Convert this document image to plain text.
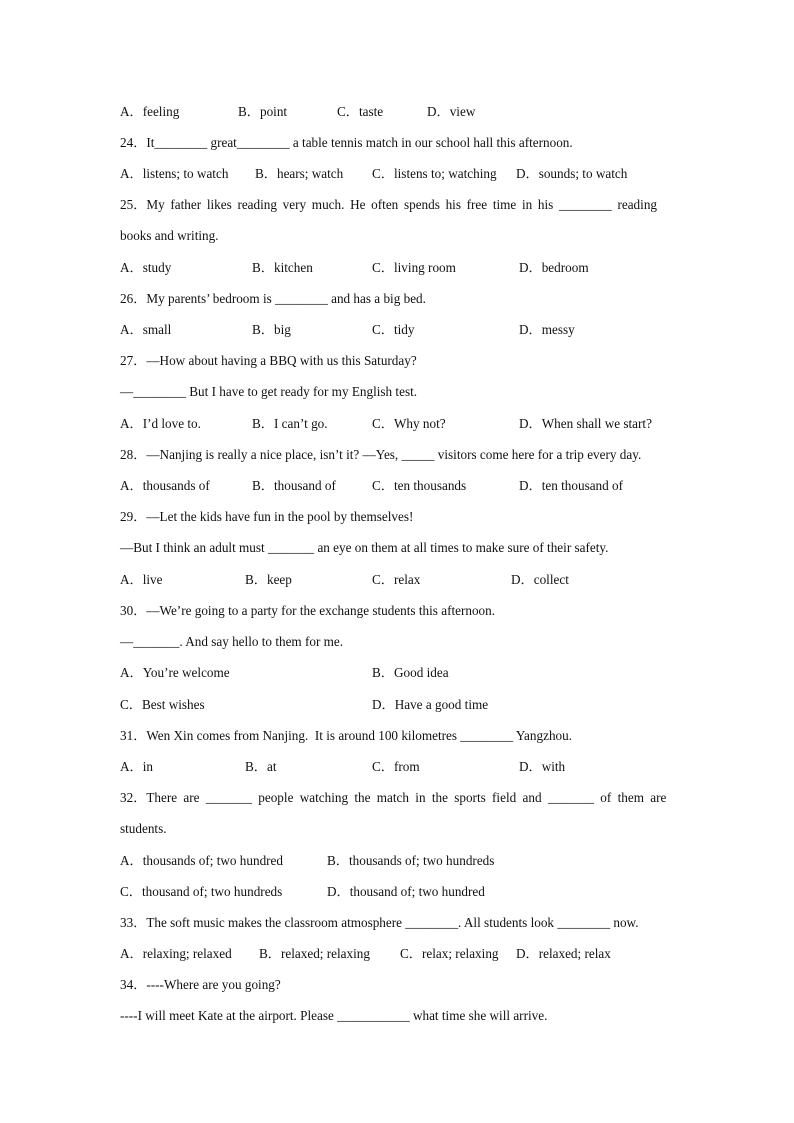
A．feeling	B．point	C．taste	D．view
24．It________ great________ a table tennis match in our school hall this afternoon.
A．listens; to watch B．hears; watch C．listens to; watching D．sounds; to watch
25．My father likes reading very much. He often spends his free time in his ________ reading
books and writing.
A．study	B．kitchen	C．living room	D．bedroom
26．My parents’ bedroom is ________ and has a big bed.
A．small	B．big	C．tidy	D．messy
27．—How about having a BBQ with us this Saturday?
—________ But I have to get ready for my English test.
A．I’d love to.	B．I can’t go.	C．Why not?	D．When shall we start?
28．—Nanjing is really a nice place, isn’t it? —Yes, _____ visitors come here for a trip every day.
A．thousands of	B．thousand of	C．ten thousands	D．ten thousand of
29．—Let the kids have fun in the pool by themselves!
—But I think an adult must _______ an eye on them at all times to make sure of their safety.
A．live	B．keep	C．relax	D．collect
30．—We’re going to a party for the exchange students this afternoon.
—_______. And say hello to them for me.
A．You’re welcome	B．Good idea
C．Best wishes	D．Have a good time
31．Wen Xin comes from Nanjing.  It is around 100 kilometres ________ Yangzhou.
A．in	B．at	C．from	D．with
32．There are _______ people watching the match in the sports field and _______ of them are
students.
A．thousands of; two hundred	B．thousands of; two hundreds
C．thousand of; two hundreds	D．thousand of; two hundred
33．The soft music makes the classroom atmosphere ________. All students look ________ now.
A．relaxing; relaxed B．relaxed; relaxing C．relax; relaxing D．relaxed; relax
34．----Where are you going?
----I will meet Kate at the airport. Please ___________ what time she will arrive.
